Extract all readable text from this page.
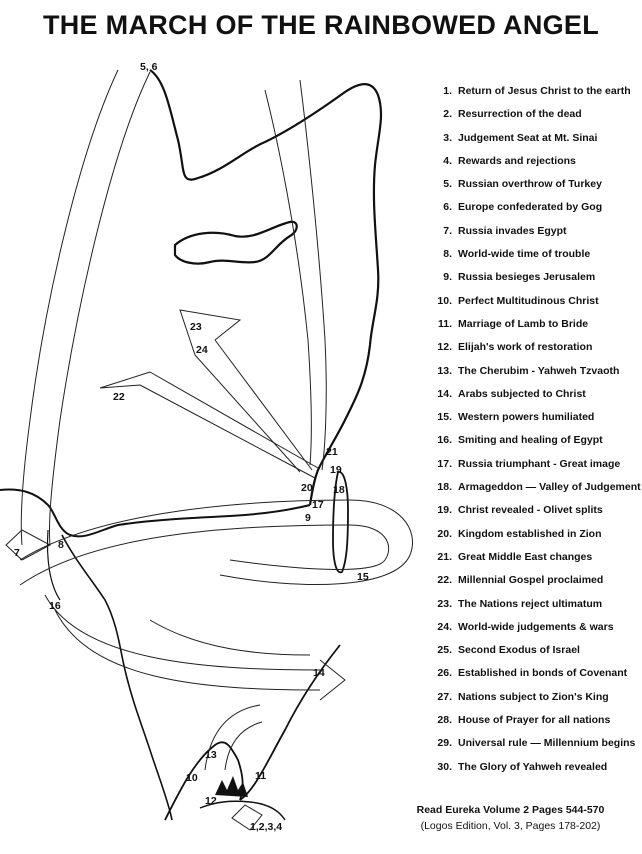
5, 6
23
24
22
21
19
20 18
17
9
7
8
15
16
14
13
10	11
12
1,2,3,4
THE MARCH OF THE RAINBOWED ANGEL
1. Return of Jesus Christ to the earth
2. Resurrection of the dead
3. Judgement Seat at Mt. Sinai
4. Rewards and rejections
5. Russian overthrow of Turkey
6. Europe confederated by Gog
7. Russia invades Egypt
8. World-wide time of trouble
9. Russia besieges Jerusalem
10. Perfect Multitudinous Christ
11. Marriage of Lamb to Bride
12. Elijah's work of restoration
13. The Cherubim - Yahweh Tzvaoth
14. Arabs subjected to Christ
15. Western powers humiliated
16. Smiting and healing of Egypt
17. Russia triumphant - Great image
18. Armageddon — Valley of Judgement
19. Christ revealed - Olivet splits
20. Kingdom established in Zion
21. Great Middle East changes
22. Millennial Gospel proclaimed
23. The Nations reject ultimatum
24. World-wide judgements & wars
25. Second Exodus of Israel
26. Established in bonds of Covenant
27. Nations subject to Zion's King
28. House of Prayer for all nations
29. Universal rule — Millennium begins
30. The Glory of Yahweh revealed
Read Eureka Volume 2 Pages 544-570
(Logos Edition, Vol. 3, Pages 178-202)
